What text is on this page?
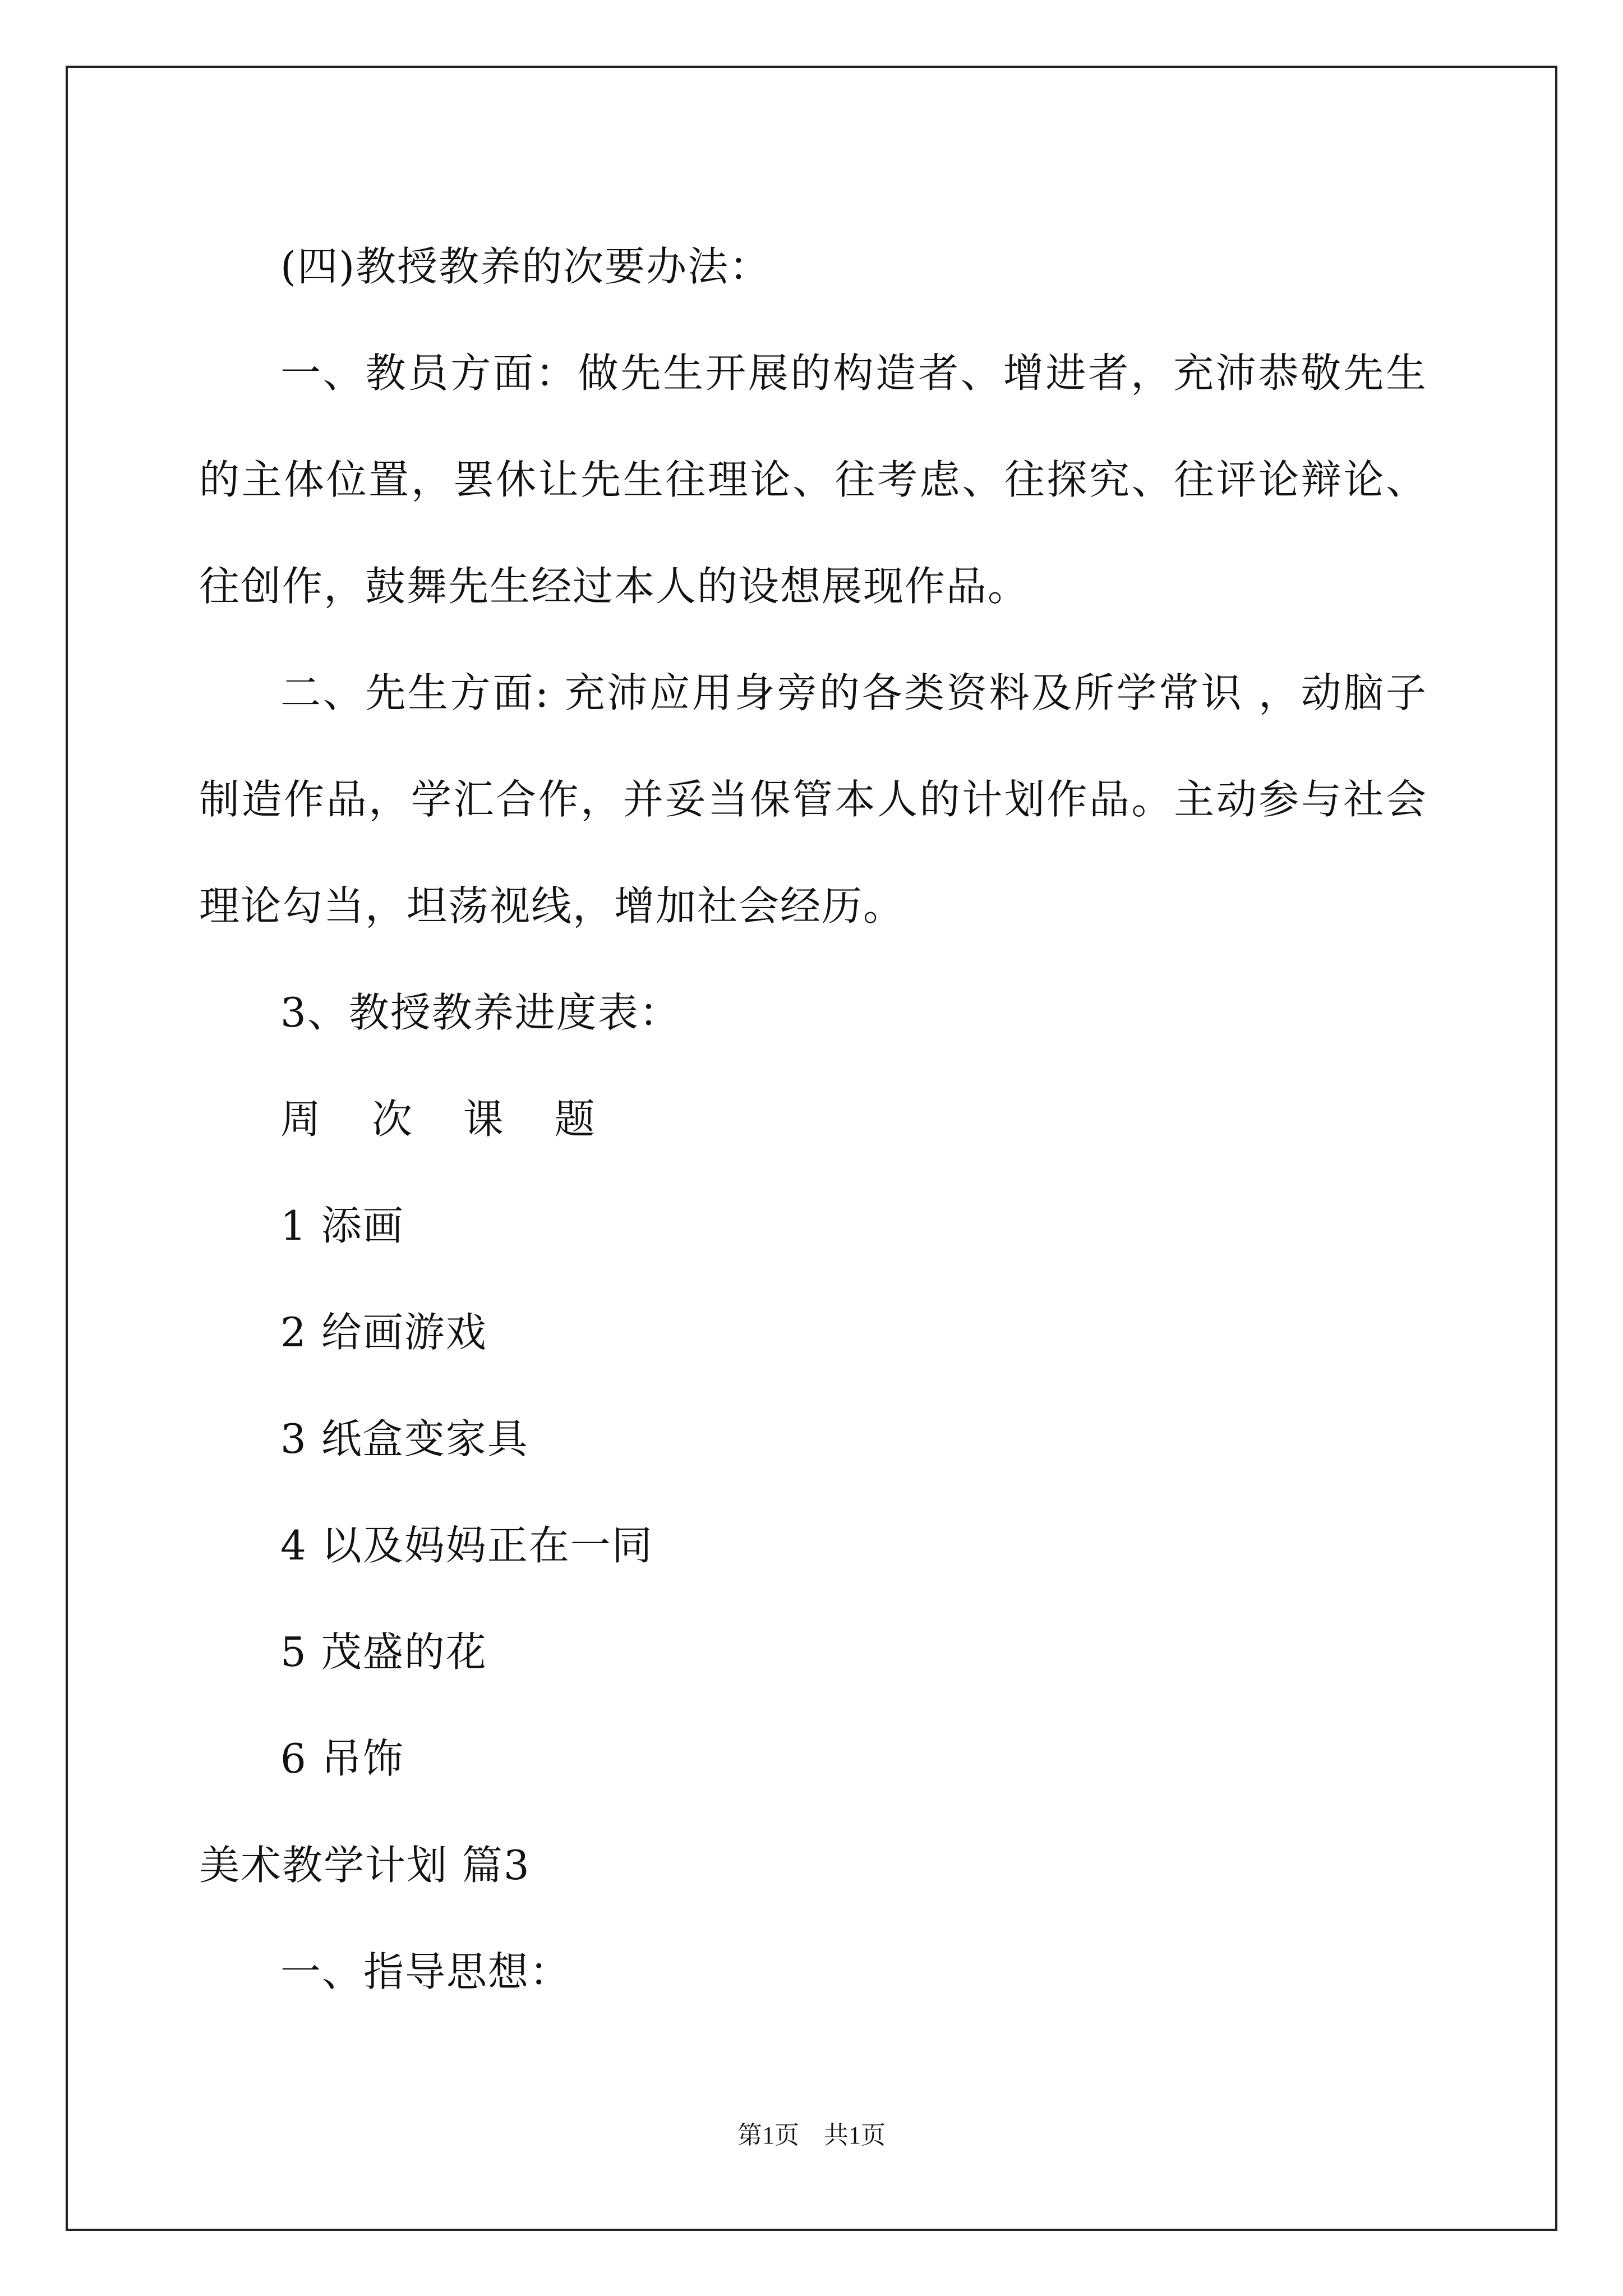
(四)教授教养的次要办法：

一、教员方面：做先生开展的构造者、增进者，充沛恭敬先生的主体位置，罢休让先生往理论、往考虑、往探究、往评论辩论、往创作，鼓舞先生经过本人的设想展现作品。

二、先生方面: 充沛应用身旁的各类资料及所学常识 ，动脑子制造作品，学汇合作，并妥当保管本人的计划作品。主动参与社会理论勾当，坦荡视线，增加社会经历。

3、教授教养进度表：

周 次 课 题

1 添画

2 给画游戏

3 纸盒变家具

4 以及妈妈正在一同

5 茂盛的花

6 吊饰

美术教学计划 篇3

一、指导思想：

第1页　共1页
